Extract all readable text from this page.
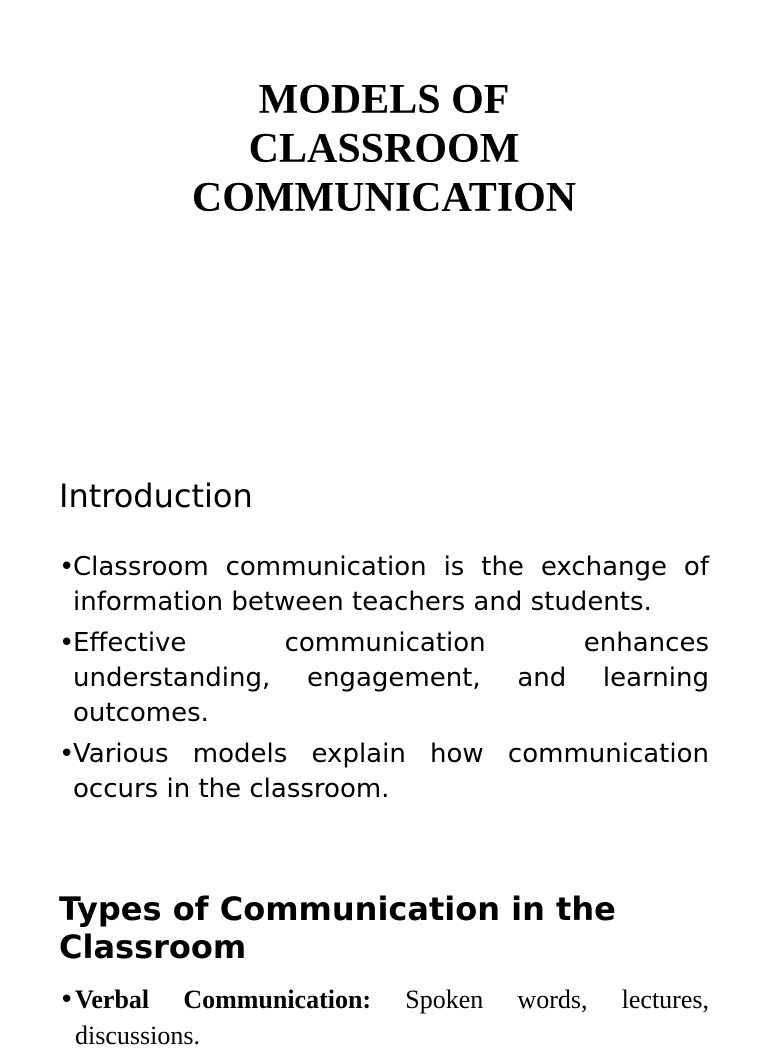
MODELS OF
CLASSROOM
COMMUNICATION
Introduction
•
Classroom communication is the exchange of information between teachers and students.
•
Effective communication enhances understanding, engagement, and learning outcomes.
•
Various models explain how communication occurs in the classroom.
Types of Communication in the Classroom
• Verbal Communication: Spoken words, lectures, discussions.
